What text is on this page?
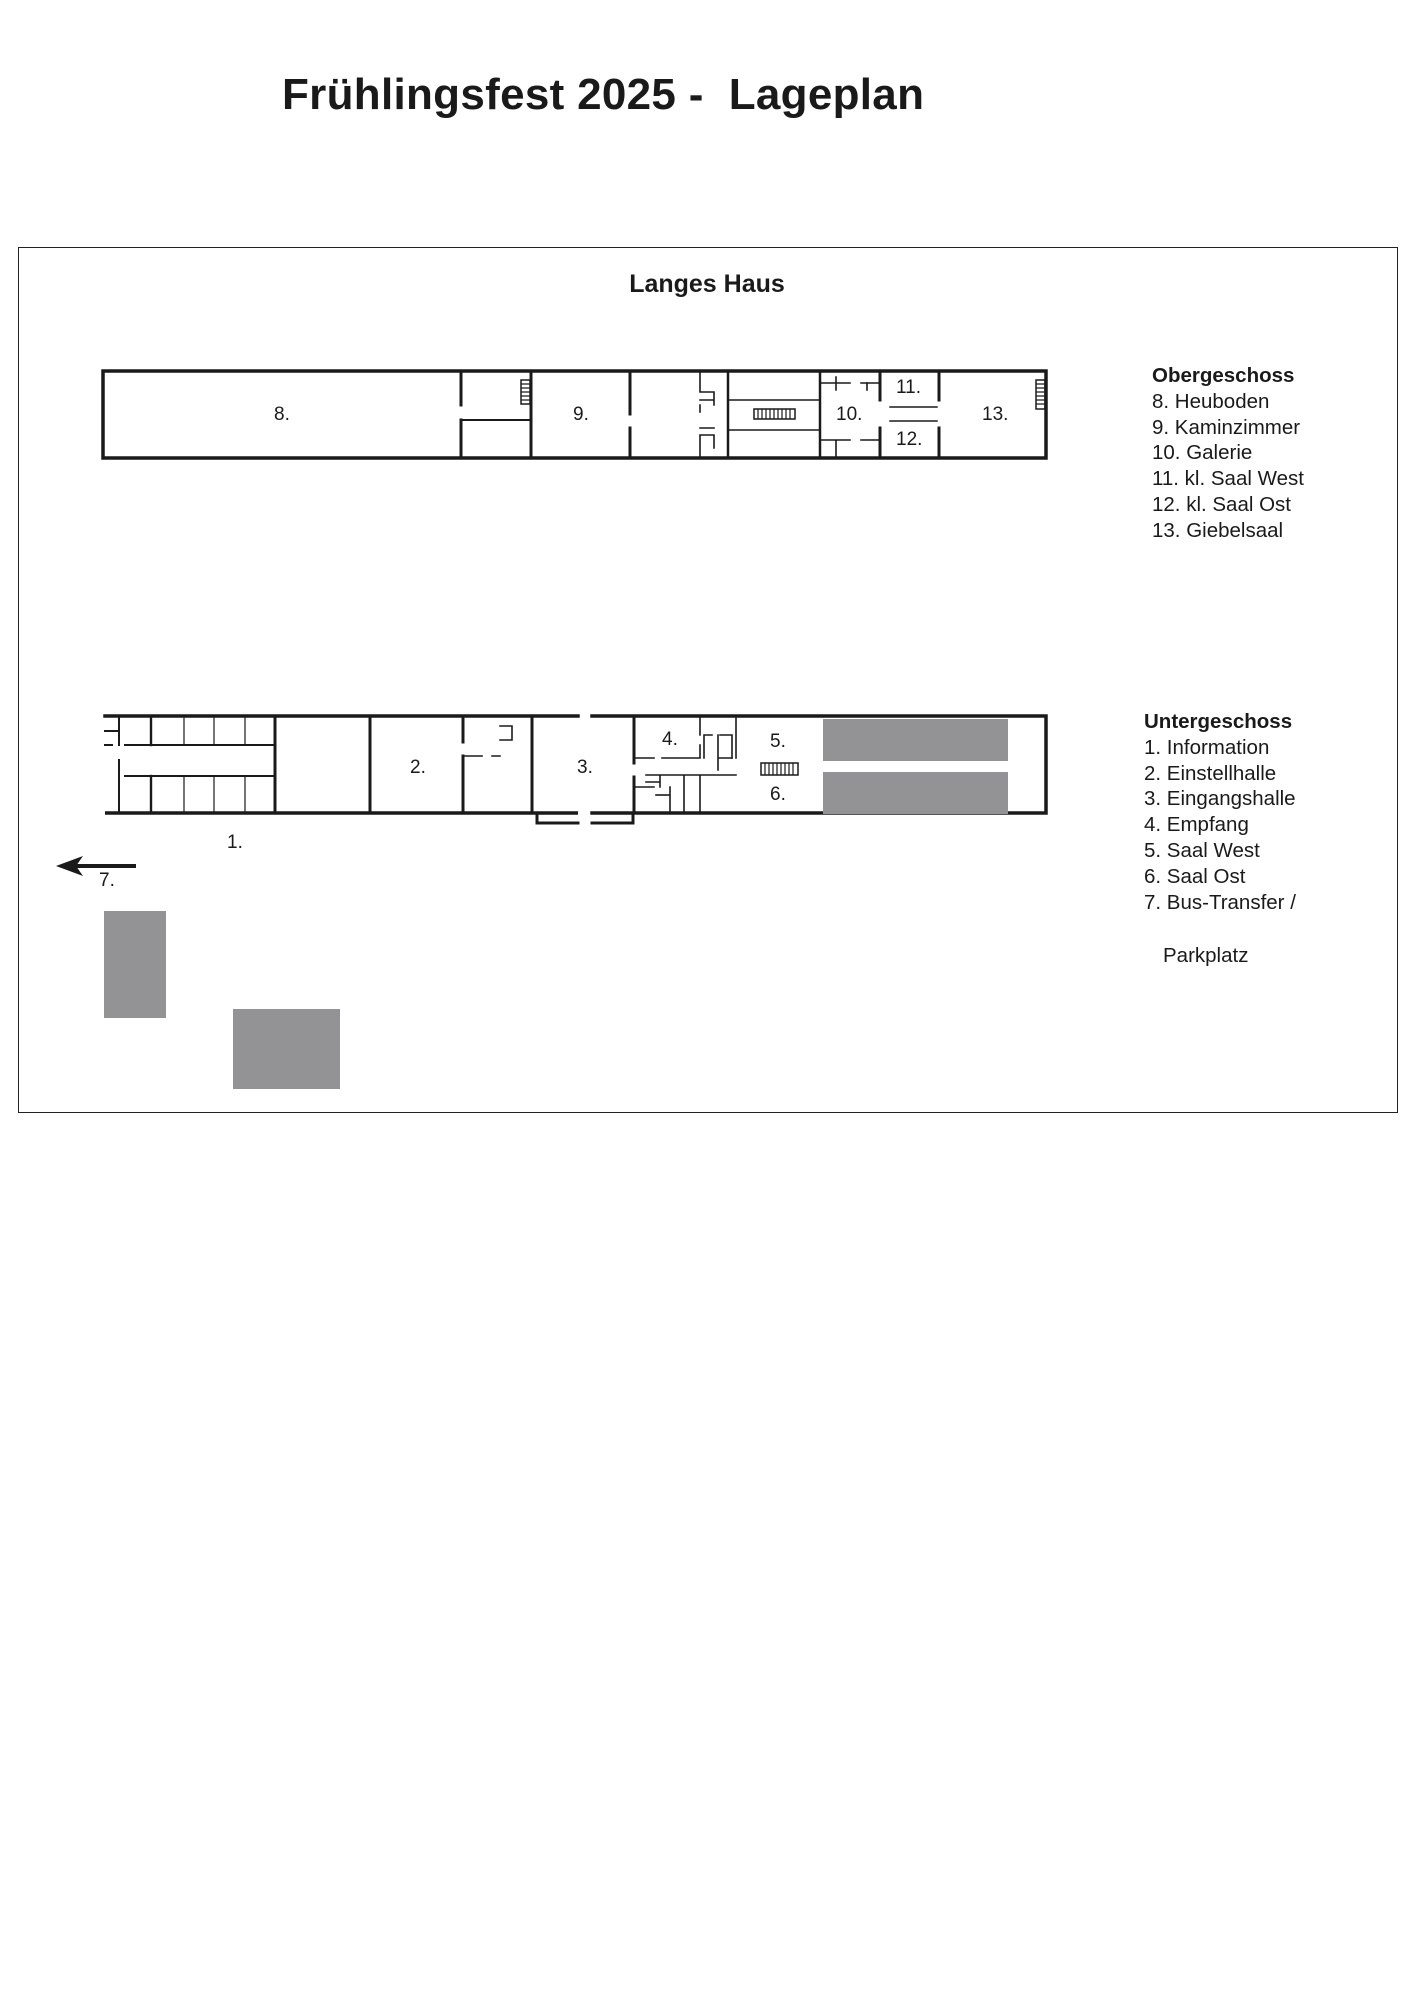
Frühlingsfest 2025 -  Lageplan
Langes Haus
8.	9.	10.
11.
12.
13.
1.
2.	3.
4.	5.
6.
7.
Obergeschoss
8. Heuboden
9. Kaminzimmer
10. Galerie
11. kl. Saal West
12. kl. Saal Ost
13. Giebelsaal
Untergeschoss
1. Information
2. Einstellhalle
3. Eingangshalle
4. Empfang
5. Saal West
6. Saal Ost
7. Bus-Transfer /
Parkplatz
